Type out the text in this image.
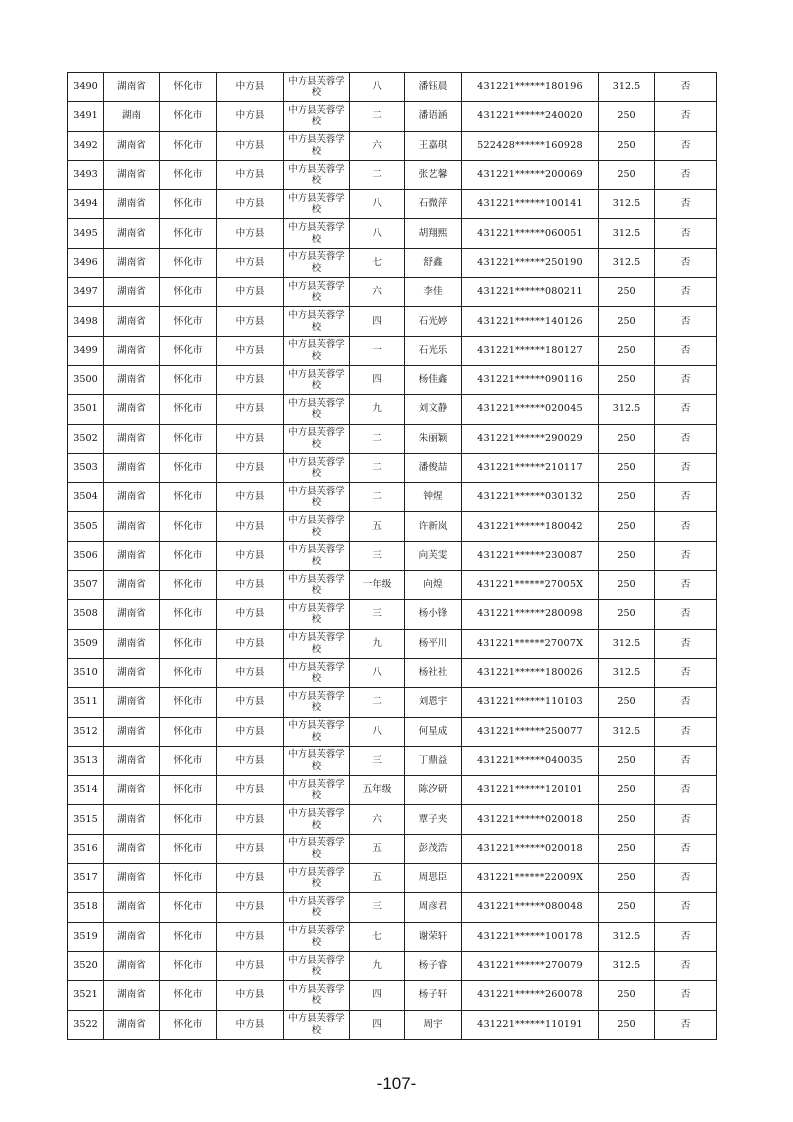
3490	湖南省	怀化市	中方县	中方县芙蓉学校	八	潘钰晨	431221******180196	312.5	否
3491	湖南	怀化市	中方县	中方县芙蓉学校	二	潘语涵	431221******240020	250	否
3492	湖南省	怀化市	中方县	中方县芙蓉学校	六	王嘉琪	522428******160928	250	否
3493	湖南省	怀化市	中方县	中方县芙蓉学校	二	张艺馨	431221******200069	250	否
3494	湖南省	怀化市	中方县	中方县芙蓉学校	八	石微萍	431221******100141	312.5	否
3495	湖南省	怀化市	中方县	中方县芙蓉学校	八	胡翔熙	431221******060051	312.5	否
3496	湖南省	怀化市	中方县	中方县芙蓉学校	七	舒鑫	431221******250190	312.5	否
3497	湖南省	怀化市	中方县	中方县芙蓉学校	六	李佳	431221******080211	250	否
3498	湖南省	怀化市	中方县	中方县芙蓉学校	四	石光婷	431221******140126	250	否
3499	湖南省	怀化市	中方县	中方县芙蓉学校	一	石光乐	431221******180127	250	否
3500	湖南省	怀化市	中方县	中方县芙蓉学校	四	杨佳鑫	431221******090116	250	否
3501	湖南省	怀化市	中方县	中方县芙蓉学校	九	刘文静	431221******020045	312.5	否
3502	湖南省	怀化市	中方县	中方县芙蓉学校	二	朱丽颖	431221******290029	250	否
3503	湖南省	怀化市	中方县	中方县芙蓉学校	二	潘俊喆	431221******210117	250	否
3504	湖南省	怀化市	中方县	中方县芙蓉学校	二	钟煋	431221******030132	250	否
3505	湖南省	怀化市	中方县	中方县芙蓉学校	五	许新岚	431221******180042	250	否
3506	湖南省	怀化市	中方县	中方县芙蓉学校	三	向芙雯	431221******230087	250	否
3507	湖南省	怀化市	中方县	中方县芙蓉学校	一年级	向煌	431221******27005X	250	否
3508	湖南省	怀化市	中方县	中方县芙蓉学校	三	杨小锋	431221******280098	250	否
3509	湖南省	怀化市	中方县	中方县芙蓉学校	九	杨平川	431221******27007X	312.5	否
3510	湖南省	怀化市	中方县	中方县芙蓉学校	八	杨社社	431221******180026	312.5	否
3511	湖南省	怀化市	中方县	中方县芙蓉学校	二	刘恩宇	431221******110103	250	否
3512	湖南省	怀化市	中方县	中方县芙蓉学校	八	何星成	431221******250077	312.5	否
3513	湖南省	怀化市	中方县	中方县芙蓉学校	三	丁鼎益	431221******040035	250	否
3514	湖南省	怀化市	中方县	中方县芙蓉学校	五年级	陈汐研	431221******120101	250	否
3515	湖南省	怀化市	中方县	中方县芙蓉学校	六	覃子夹	431221******020018	250	否
3516	湖南省	怀化市	中方县	中方县芙蓉学校	五	彭茂浩	431221******020018	250	否
3517	湖南省	怀化市	中方县	中方县芙蓉学校	五	周思臣	431221******22009X	250	否
3518	湖南省	怀化市	中方县	中方县芙蓉学校	三	周彦君	431221******080048	250	否
3519	湖南省	怀化市	中方县	中方县芙蓉学校	七	谢荣轩	431221******100178	312.5	否
3520	湖南省	怀化市	中方县	中方县芙蓉学校	九	杨子睿	431221******270079	312.5	否
3521	湖南省	怀化市	中方县	中方县芙蓉学校	四	杨子轩	431221******260078	250	否
3522	湖南省	怀化市	中方县	中方县芙蓉学校	四	周宇	431221******110191	250	否
-107-
